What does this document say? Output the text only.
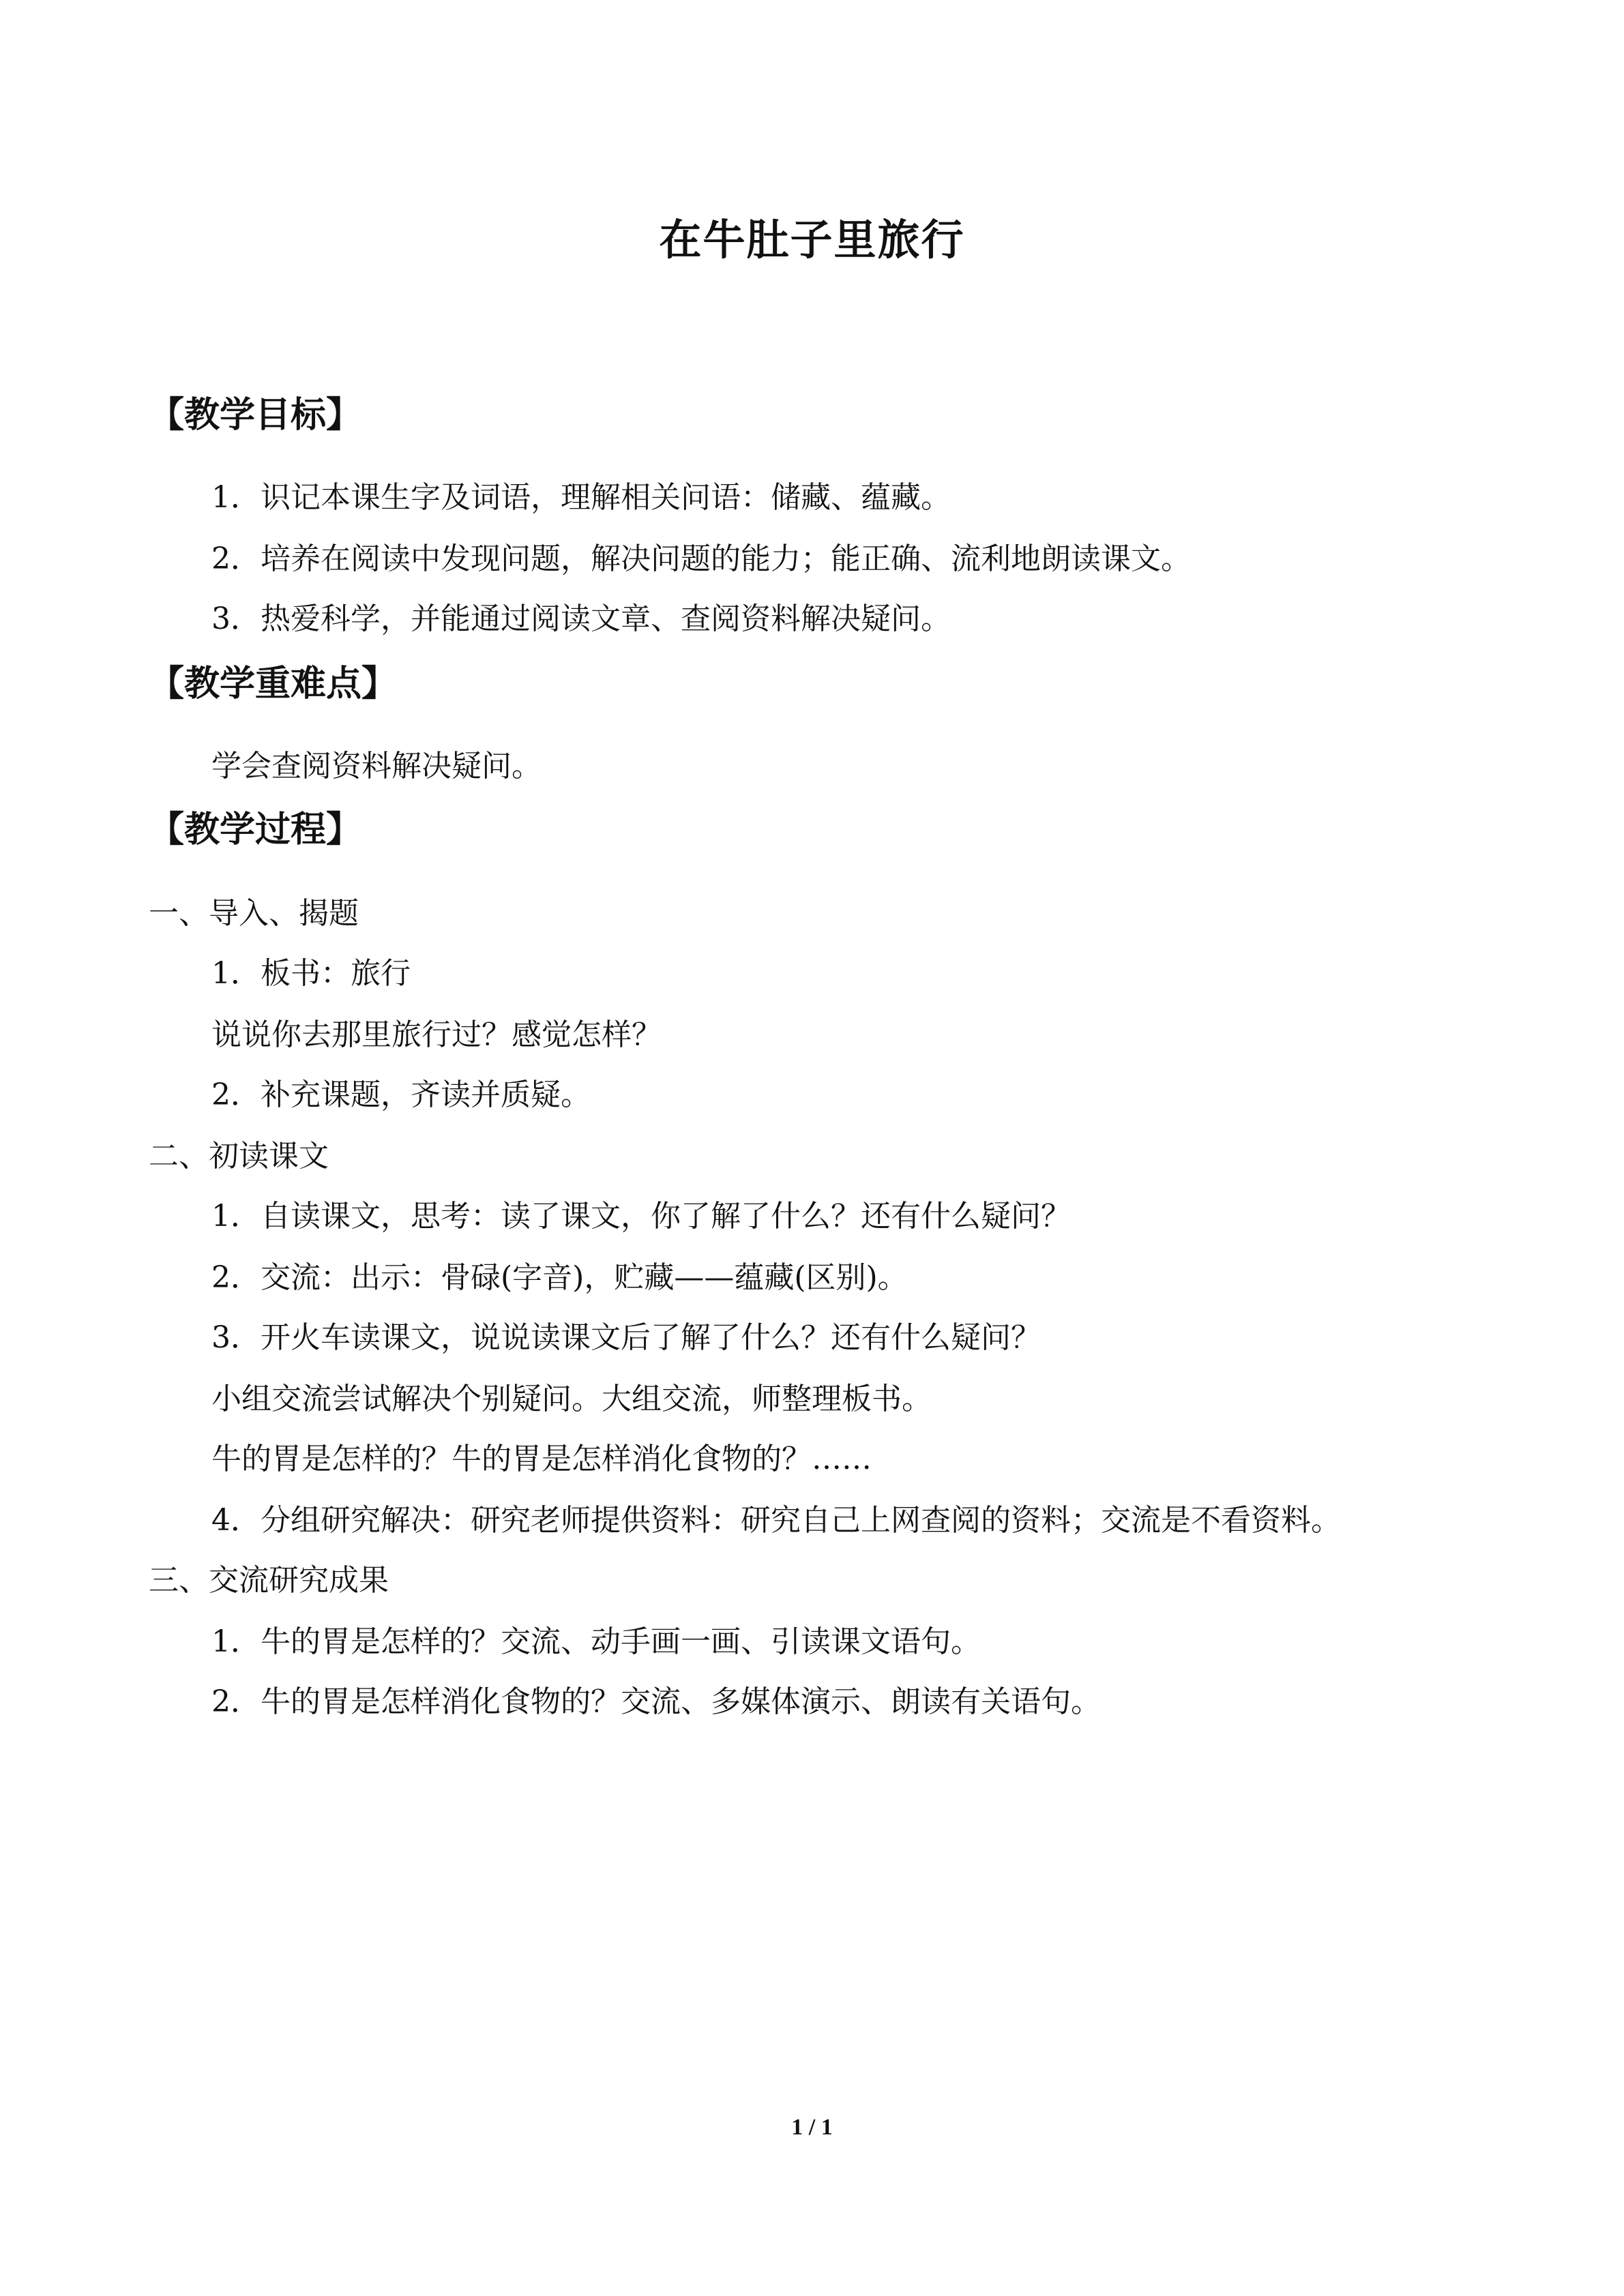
在牛肚子里旅行
【教学目标】
1．识记本课生字及词语，理解相关问语：储藏、蕴藏。
2．培养在阅读中发现问题，解决问题的能力；能正确、流利地朗读课文。
3．热爱科学，并能通过阅读文章、查阅资料解决疑问。
【教学重难点】
学会查阅资料解决疑问。
【教学过程】
一、导入、揭题
1．板书：旅行
说说你去那里旅行过？感觉怎样？
2．补充课题，齐读并质疑。
二、初读课文
1．自读课文，思考：读了课文，你了解了什么？还有什么疑问？
2．交流：出示：骨碌(字音)，贮藏——蕴藏(区别)。
3．开火车读课文，说说读课文后了解了什么？还有什么疑问？
小组交流尝试解决个别疑问。大组交流，师整理板书。
牛的胃是怎样的？牛的胃是怎样消化食物的？……
4．分组研究解决：研究老师提供资料：研究自己上网查阅的资料；交流是不看资料。
三、交流研究成果
1．牛的胃是怎样的？交流、动手画一画、引读课文语句。
2．牛的胃是怎样消化食物的？交流、多媒体演示、朗读有关语句。
1 / 1
